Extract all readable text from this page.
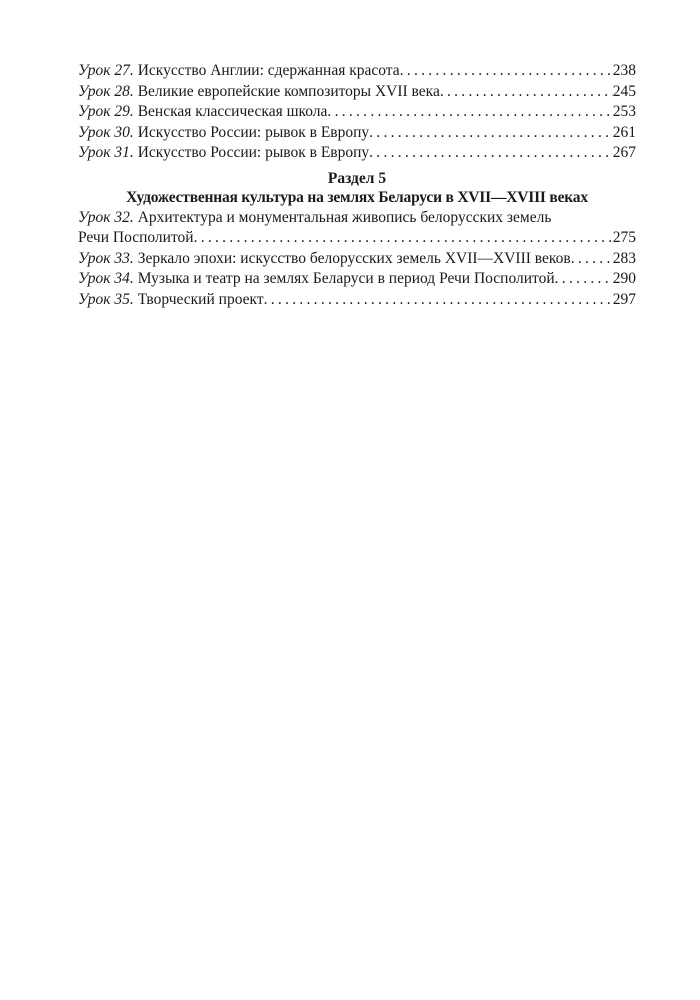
Урок 27.
Искусство Англии: сдержанная красота . . .	238
Урок 28.
Великие европейские композиторы XVII века . . .	245
Урок 29.
Венская классическая школа . . .	253
Урок 30.
Искусство России: рывок в Европу . . .	261
Урок 31.
Искусство России: рывок в Европу . . .	267
Раздел 5
Художественная культура на землях Беларуси в XVII—XVIII веках
Урок 32. Архитектура и монументальная живопись белорусских земель
Речи Посполитой . . .	275
Урок 33.
Зеркало эпохи: искусство белорусских земель XVII—XVIII веков . . .	283
Урок 34.
Музыка и театр на землях Беларуси в период Речи Посполитой . . .	290
Урок 35.
Творческий проект . . .	297
